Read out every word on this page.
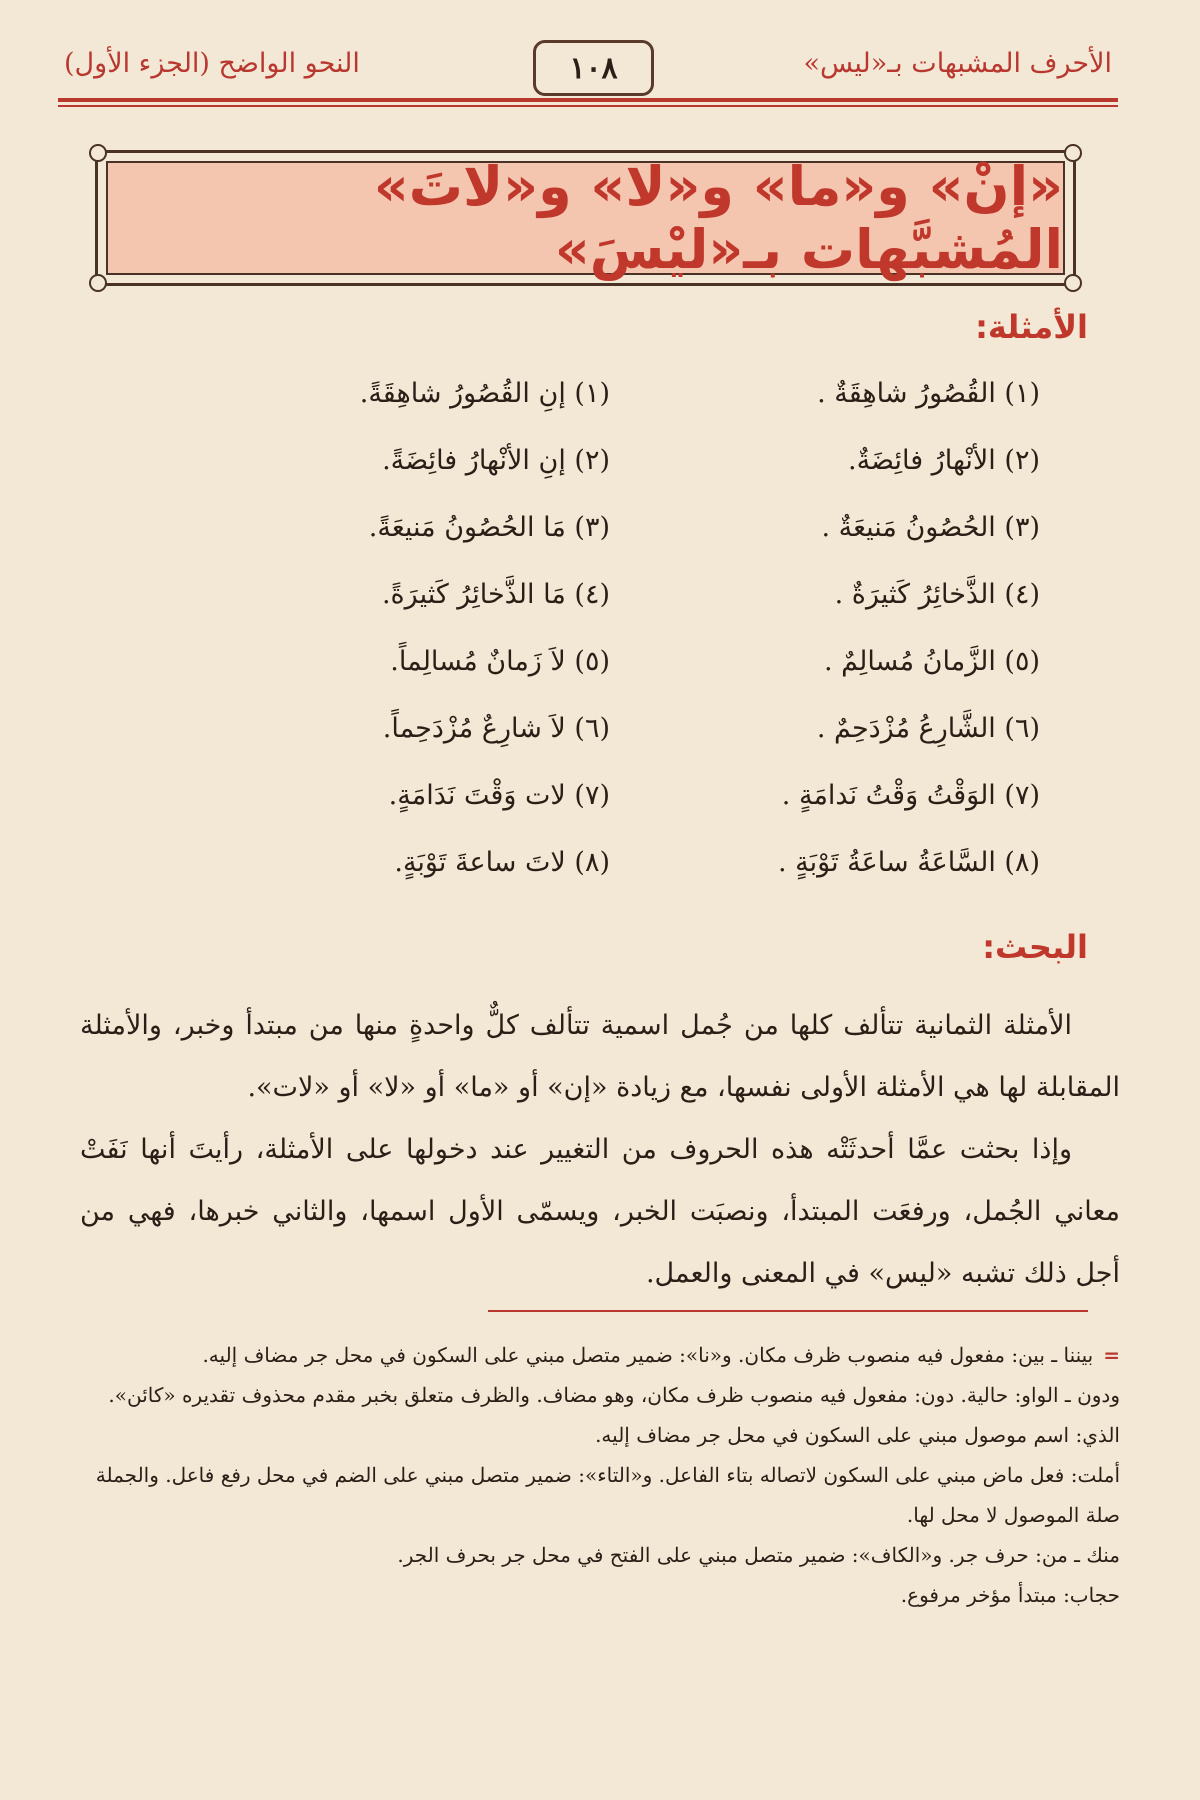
الأحرف المشبهات بـ«ليس»
١٠٨
النحو الواضح (الجزء الأول)
«إنْ» و«ما» و«لا» و«لاتَ» المُشبَّهات بـ«ليْسَ»
الأمثلة:
(١) القُصُورُ شاهِقَةٌ .
(١) إنِ القُصُورُ شاهِقَةً.
(٢) الأنْهارُ فائِضَةٌ.
(٢) إنِ الأنْهارُ فائِضَةً.
(٣) الحُصُونُ مَنيعَةٌ .
(٣) مَا الحُصُونُ مَنيعَةً.
(٤) الذَّخائِرُ كَثيرَةٌ .
(٤) مَا الذَّخائِرُ كَثيرَةً.
(٥) الزَّمانُ مُسالِمٌ .
(٥) لاَ زَمانٌ مُسالِماً.
(٦) الشَّارِعُ مُزْدَحِمٌ .
(٦) لاَ شارِعٌ مُزْدَحِماً.
(٧) الوَقْتُ وَقْتُ نَدامَةٍ .
(٧) لات وَقْتَ نَدَامَةٍ.
(٨) السَّاعَةُ ساعَةُ تَوْبَةٍ .
(٨) لاتَ ساعةَ تَوْبَةٍ.
البحث:

الأمثلة الثمانية تتألف كلها من جُمل اسمية تتألف كلٌّ واحدةٍ منها من مبتدأ وخبر، والأمثلة المقابلة لها هي الأمثلة الأولى نفسها، مع زيادة «إن» أو «ما» أو «لا» أو «لات».

وإذا بحثت عمَّا أحدثَتْه هذه الحروف من التغيير عند دخولها على الأمثلة، رأيتَ أنها نَفَتْ معاني الجُمل، ورفعَت المبتدأ، ونصبَت الخبر، ويسمّى الأول اسمها، والثاني خبرها، فهي من أجل ذلك تشبه «ليس» في المعنى والعمل.

=بيننا ـ بين: مفعول فيه منصوب ظرف مكان. و«نا»: ضمير متصل مبني على السكون في محل جر مضاف إليه.

ودون ـ الواو: حالية. دون: مفعول فيه منصوب ظرف مكان، وهو مضاف. والظرف متعلق بخبر مقدم محذوف تقديره «كائن».

الذي: اسم موصول مبني على السكون في محل جر مضاف إليه.

أملت: فعل ماض مبني على السكون لاتصاله بتاء الفاعل. و«التاء»: ضمير متصل مبني على الضم في محل رفع فاعل. والجملة صلة الموصول لا محل لها.

منك ـ من: حرف جر. و«الكاف»: ضمير متصل مبني على الفتح في محل جر بحرف الجر.

حجاب: مبتدأ مؤخر مرفوع.
